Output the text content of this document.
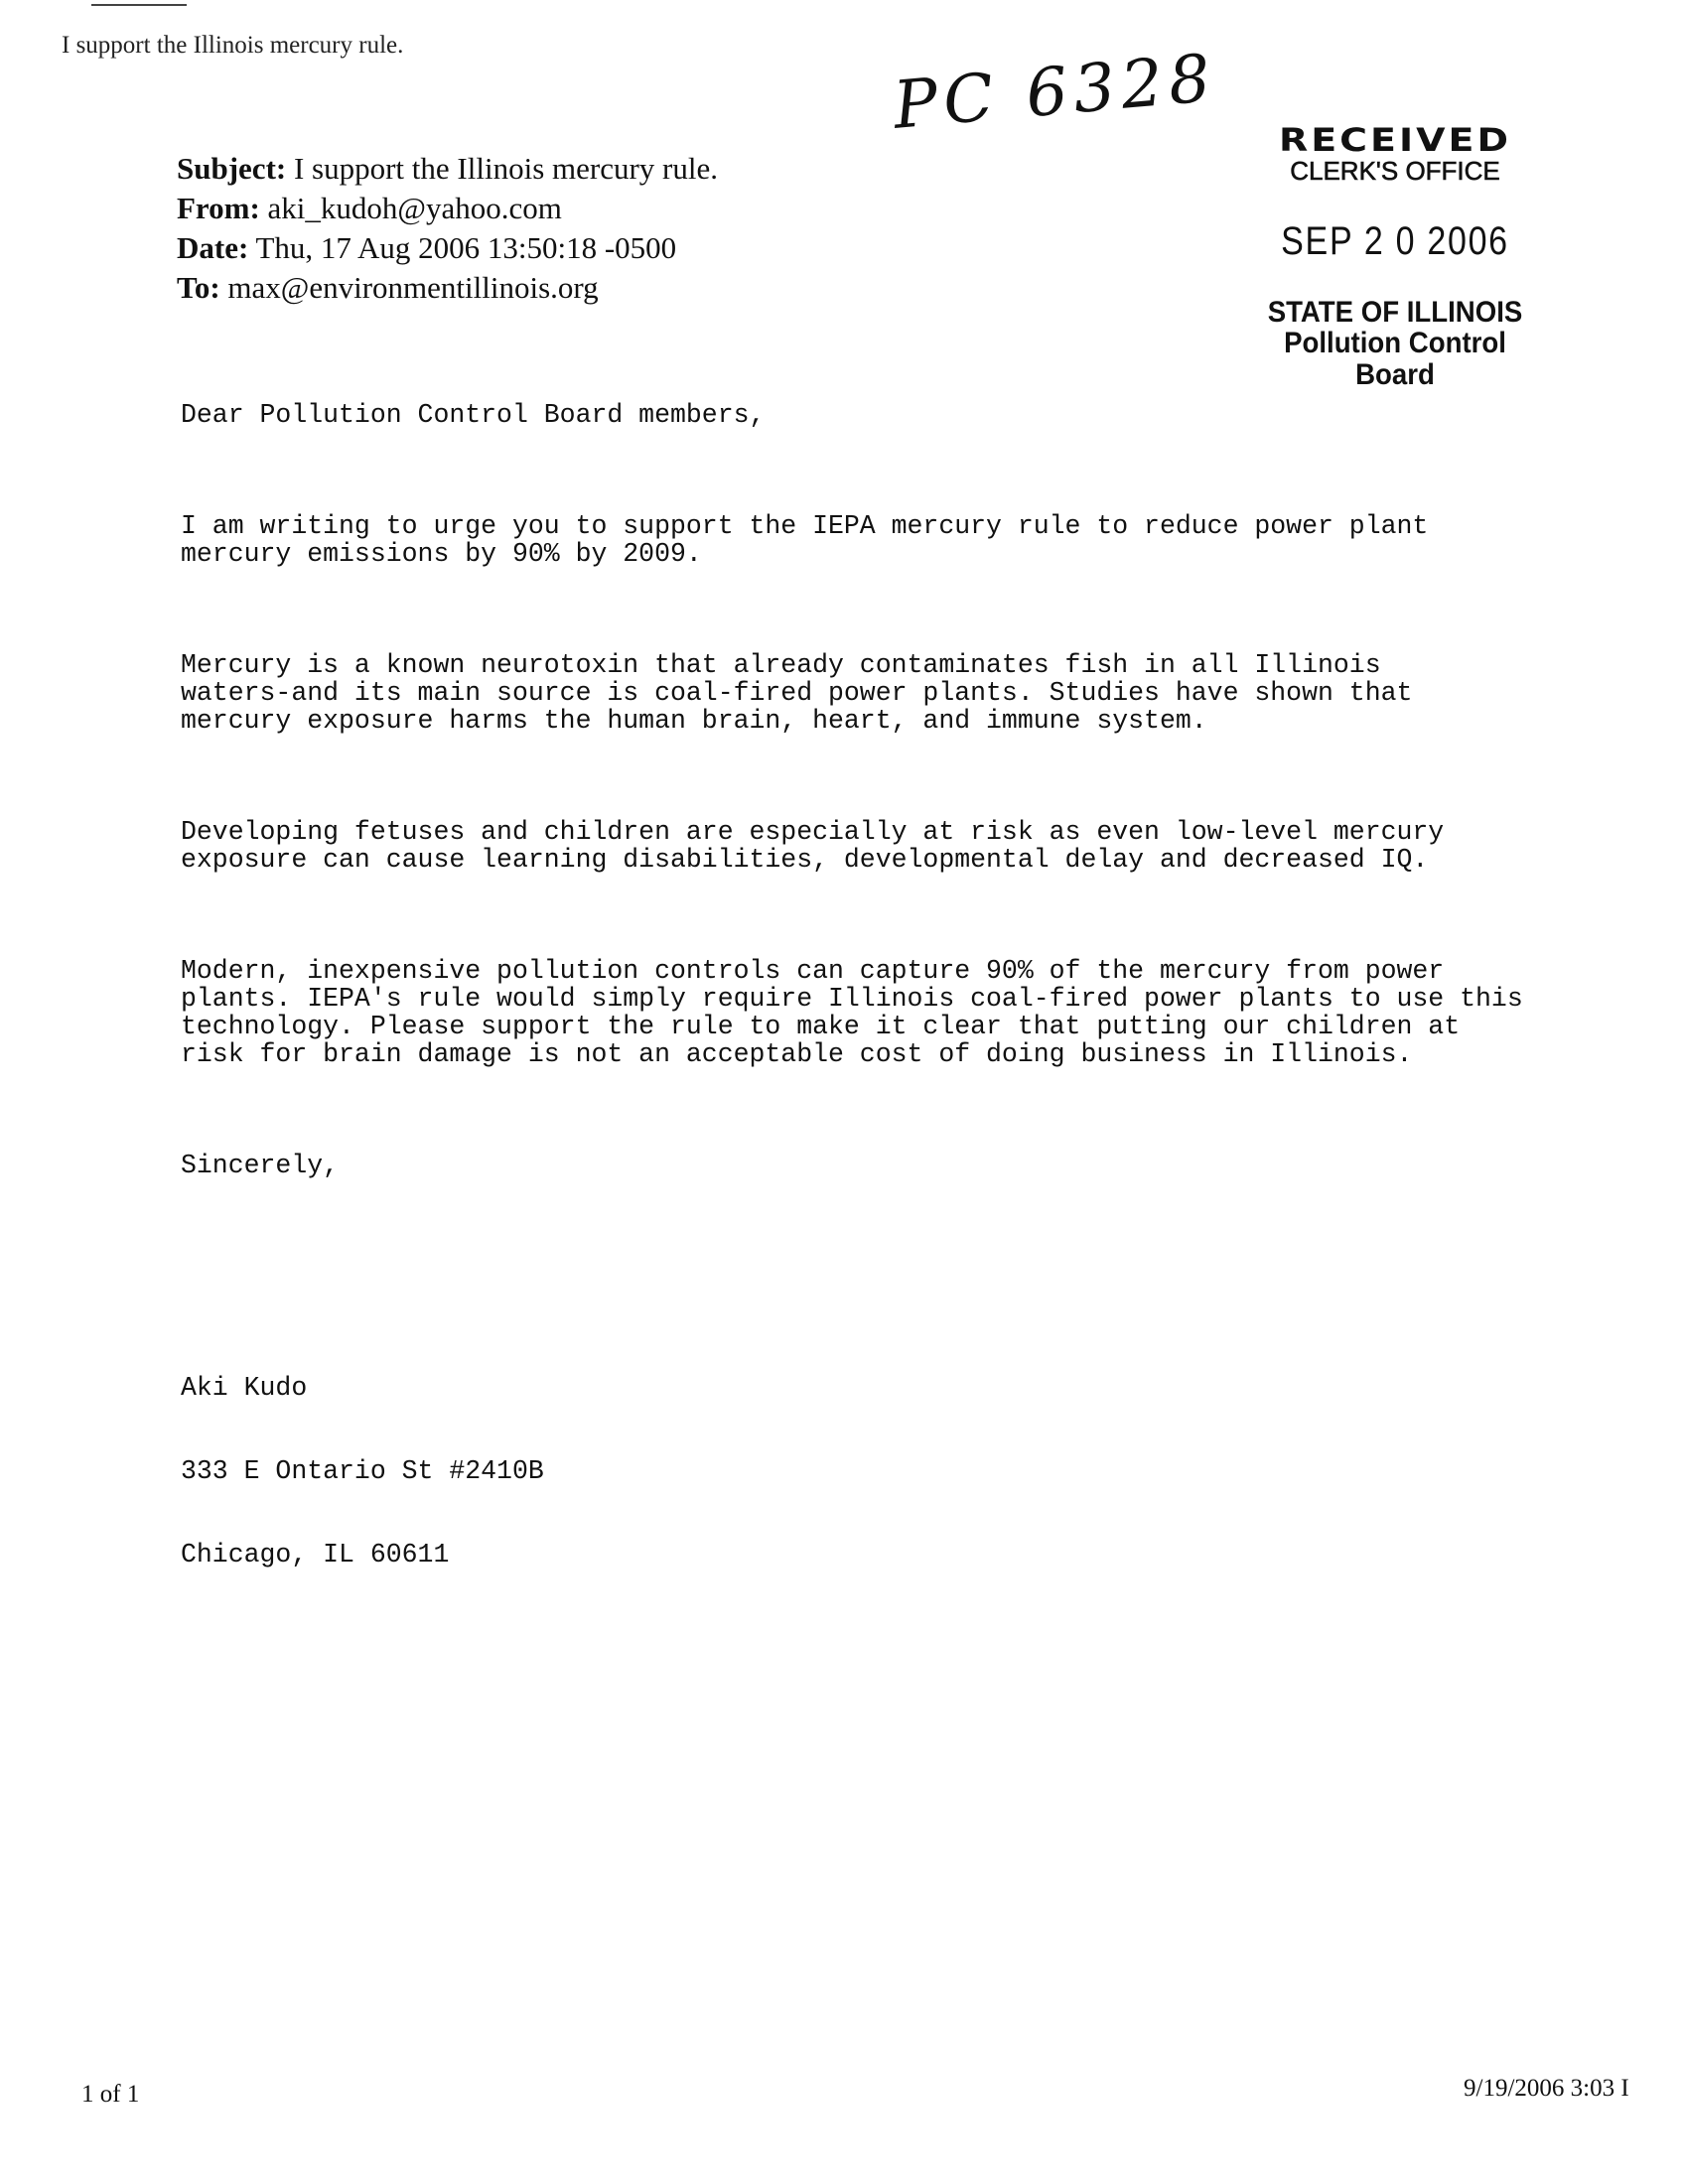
I support the Illinois mercury rule.	PC 6328	RECEIVED
CLERK'S OFFICE
SEP 2 0 2006
STATE OF ILLINOIS
Pollution Control Board
Subject: I support the Illinois mercury rule.
From: aki_kudoh@yahoo.com
Date: Thu, 17 Aug 2006 13:50:18 -0500
To: max@environmentillinois.org

Dear Pollution Control Board members,

I am writing to urge you to support the IEPA mercury rule to reduce power plant
mercury emissions by 90% by 2009.

Mercury is a known neurotoxin that already contaminates fish in all Illinois
waters-and its main source is coal-fired power plants. Studies have shown that
mercury exposure harms the human brain, heart, and immune system.

Developing fetuses and children are especially at risk as even low-level mercury
exposure can cause learning disabilities, developmental delay and decreased IQ.

Modern, inexpensive pollution controls can capture 90% of the mercury from power
plants. IEPA's rule would simply require Illinois coal-fired power plants to use this
technology. Please support the rule to make it clear that putting our children at
risk for brain damage is not an acceptable cost of doing business in Illinois.

Sincerely,

Aki Kudo

333 E Ontario St #2410B

Chicago, IL 60611

1 of 1	9/19/2006 3:03 I
